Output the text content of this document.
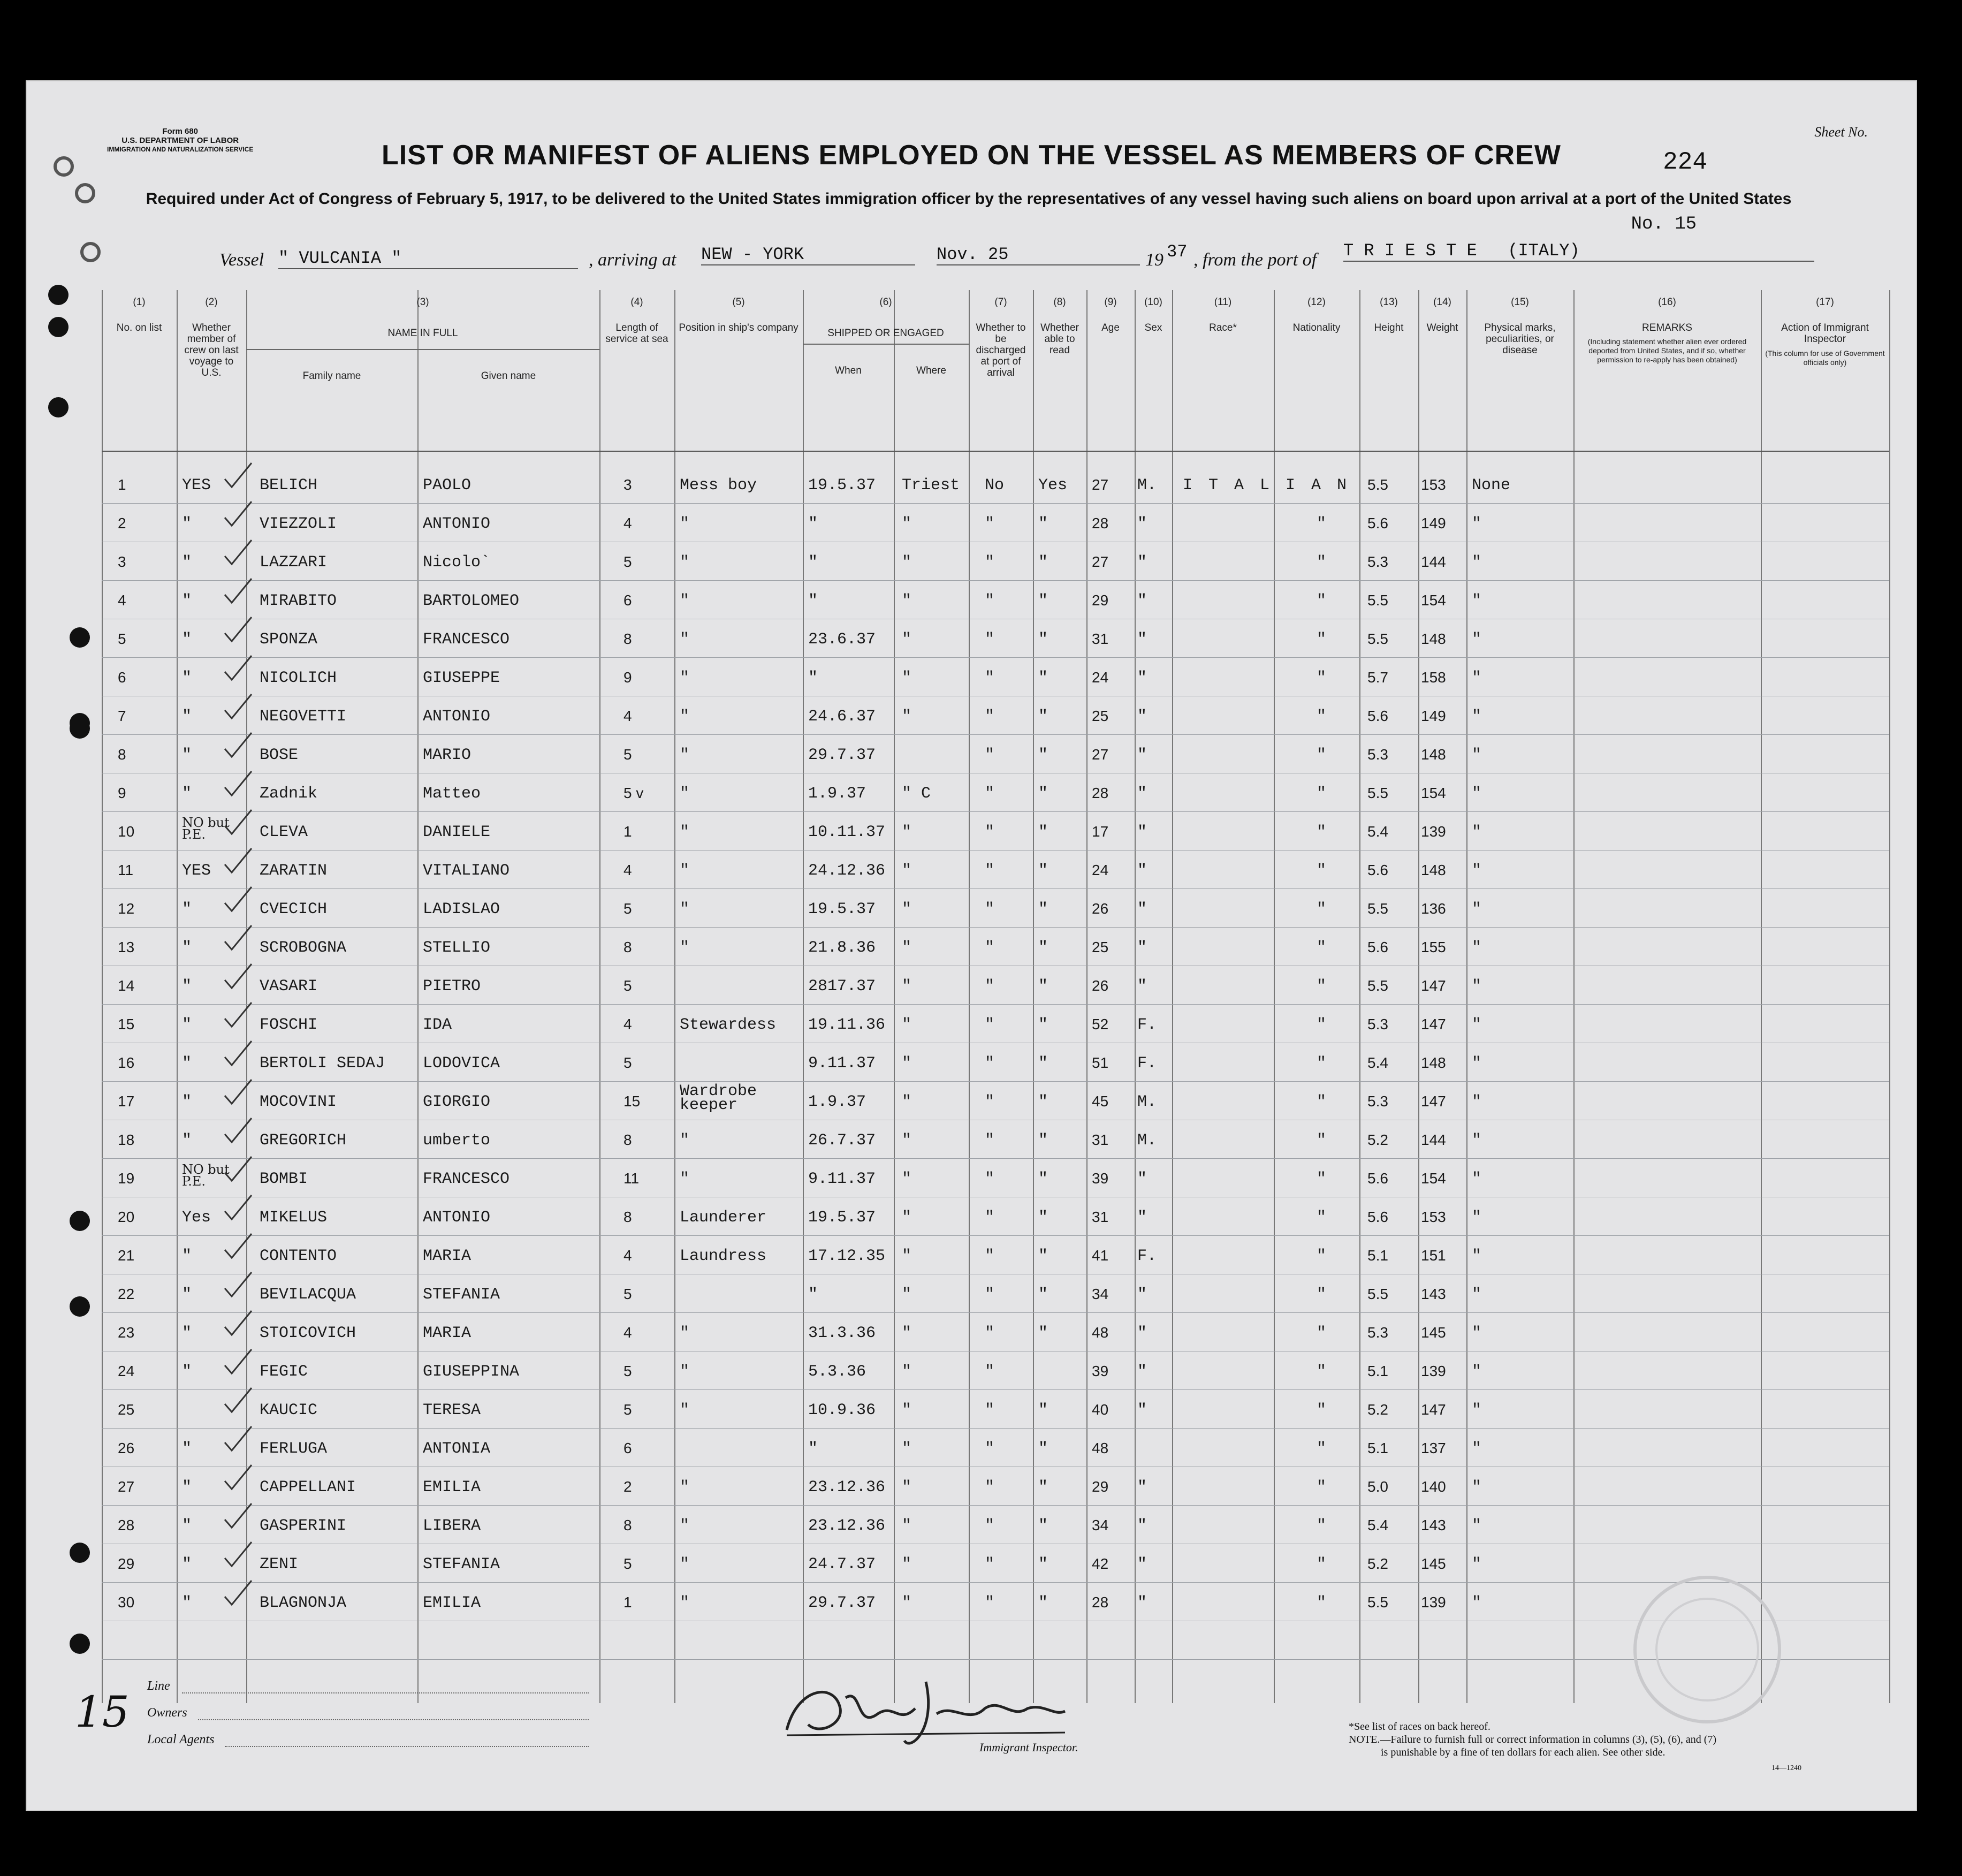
Form 680
U.S. DEPARTMENT OF LABOR
IMMIGRATION AND NATURALIZATION SERVICE
Sheet No.
224
LIST OR MANIFEST OF ALIENS EMPLOYED ON THE VESSEL AS MEMBERS OF CREW
Required under Act of Congress of February 5, 1917, to be delivered to the United States immigration officer by the representatives of any vessel having such aliens on board upon arrival at a port of the United States
No. 15
Vessel " VULCANIA "	, arriving at NEW - YORK	Nov. 25	19 37 , from the port of T R I E S T E   (ITALY)
(1)
No. on list
(2)
Whether member of crew on last voyage to U.S.
(3)
NAME IN FULL
Family name	Given name
(4)
Length of service at sea
(5)
Position in ship's company
(6)
SHIPPED OR ENGAGED
When	Where
(7)
Whether to be discharged at port of arrival
(8)
Whether able to read
(9)
Age
(10)
Sex
(11)
Race*
(12)
Nationality
(13)
Height
(14)
Weight
(15)
Physical marks, peculiarities, or disease
(16)
REMARKS
(Including statement whether alien ever ordered deported from United States, and if so, whether permission to re-apply has been obtained)
(17)
Action of Immigrant Inspector
(This column for use of Government officials only)
1	YES	BELICH	PAOLO	3	Mess boy	19.5.37 Triest No Yes 27 M. I T A L I A N 5.5 153 None
2	"	VIEZZOLI	ANTONIO	4	"	"	"	"	"	28 "	"	5.6 149 "
3	"	LAZZARI	Nicolo`	5	"	"	"	"	"	27 "	"	5.3 144 "
4	"	MIRABITO	BARTOLOMEO	6	"	"	"	"	"	29 "	"	5.5 154 "
5	"	SPONZA	FRANCESCO	8	"	23.6.37 "	"	"	31 "	"	5.5 148 "
6	"	NICOLICH	GIUSEPPE	9	"	"	"	"	"	24 "	"	5.7 158 "
7	"	NEGOVETTI	ANTONIO	4	"	24.6.37 "	"	"	25 "	"	5.6 149 "
8	"	BOSE	MARIO	5	"	29.7.37	"	"	27 "	"	5.3 148 "
9	"	Zadnik	Matteo	5 v "	1.9.37 " C	"	"	28 "	"	5.5 154 "
10
NO but P.E.	CLEVA	DANIELE	1	"	10.11.37 "	"	"	17 "	"	5.4 139 "
11	YES	ZARATIN	VITALIANO	4	"	24.12.36 "	"	"	24 "	"	5.6 148 "
12	"	CVECICH	LADISLAO	5	"	19.5.37 "	"	"	26 "	"	5.5 136 "
13	"	SCROBOGNA	STELLIO	8	"	21.8.36 "	"	"	25 "	"	5.6 155 "
14	"	VASARI	PIETRO	5	2817.37 "	"	"	26 "	"	5.5 147 "
15	"	FOSCHI	IDA	4	Stewardess 19.11.36 "	"	"	52 F.	"	5.3 147 "
16	"	BERTOLI SEDAJ LODOVICA	5	9.11.37 "	"	"	51 F.	"	5.4 148 "
17	"	MOCOVINI	GIORGIO	15
Wardrobe keeper	1.9.37 "	"	"	45 M.	"	5.3 147 "
18	"	GREGORICH	umberto	8	"	26.7.37 "	"	"	31 M.	"	5.2 144 "
19
NO but P.E.	BOMBI	FRANCESCO	11	"	9.11.37 "	"	"	39 "	"	5.6 154 "
20	Yes	MIKELUS	ANTONIO	8	Launderer	19.5.37 "	"	"	31 "	"	5.6 153 "
21	"	CONTENTO	MARIA	4	Laundress	17.12.35 "	"	"	41 F.	"	5.1 151 "
22	"	BEVILACQUA	STEFANIA	5	"	"	"	"	34 "	"	5.5 143 "
23	"	STOICOVICH	MARIA	4	"	31.3.36 "	"	"	48 "	"	5.3 145 "
24	"	FEGIC	GIUSEPPINA	5	"	5.3.36 "	"	39 "	"	5.1 139 "
25	KAUCIC	TERESA	5	"	10.9.36 "	"	"	40 "	"	5.2 147 "
26	"	FERLUGA	ANTONIA	6	"	"	"	"	48	"	5.1 137 "
27	"	CAPPELLANI	EMILIA	2	"	23.12.36 "	"	"	29 "	"	5.0 140 "
28	"	GASPERINI	LIBERA	8	"	23.12.36 "	"	"	34 "	"	5.4 143 "
29	"	ZENI	STEFANIA	5	"	24.7.37 "	"	"	42 "	"	5.2 145 "
30	"	BLAGNONJA	EMILIA	1	"	29.7.37 "	"	"	28 "	"	5.5 139 "
15
Line
Owners
Local Agents
Immigrant Inspector.
*See list of races on back hereof.
NOTE.—Failure to furnish full or correct information in columns (3), (5), (6), and (7)
is punishable by a fine of ten dollars for each alien. See other side.
14—1240
